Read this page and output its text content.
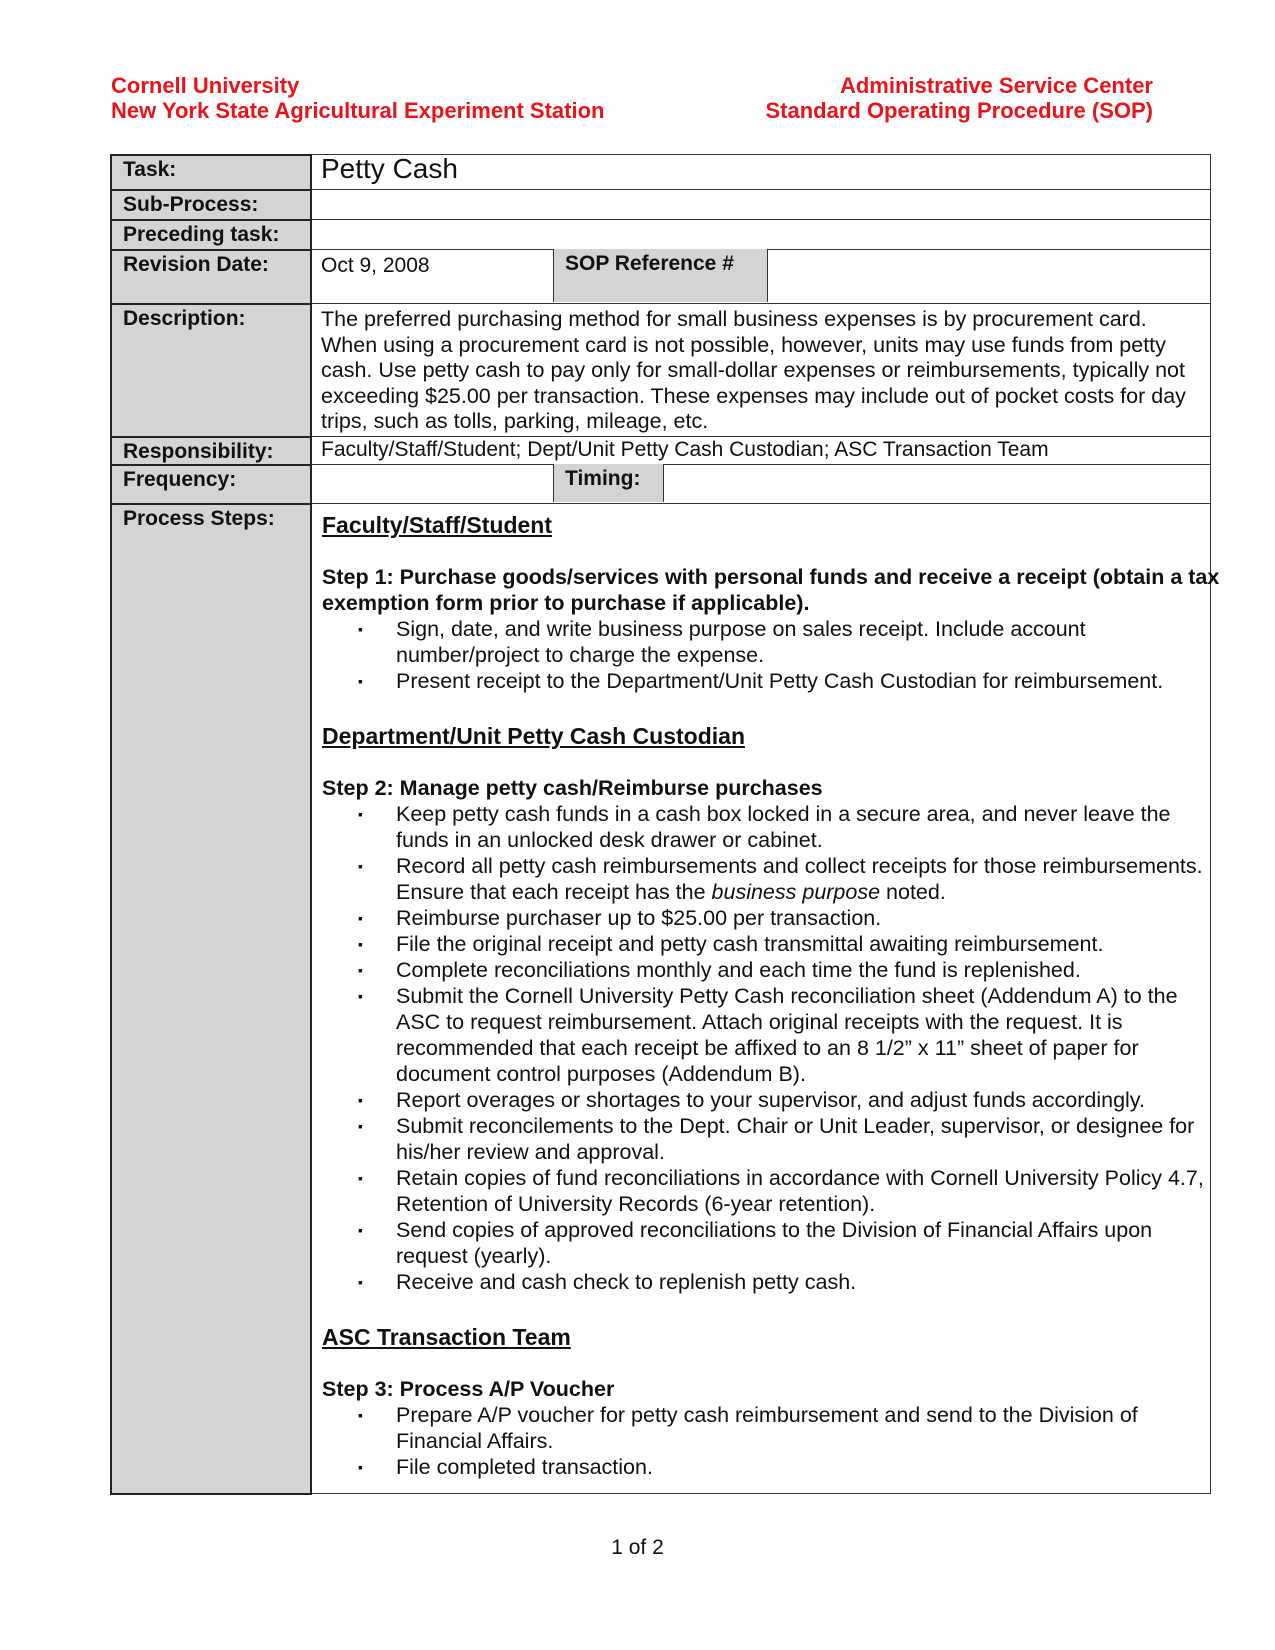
Cornell University
New York State Agricultural Experiment Station
Administrative Service Center
Standard Operating Procedure (SOP)
SOP Reference #
Timing:
Task:
Sub-Process:
Preceding task:
Revision Date:
Description:
Responsibility:
Frequency:
Process Steps:
Petty Cash
Oct 9, 2008
The preferred purchasing method for small business expenses is by procurement card. When using a procurement card is not possible, however, units may use funds from petty cash. Use petty cash to pay only for small-dollar expenses or reimbursements, typically not exceeding $25.00 per transaction. These expenses may include out of pocket costs for day trips, such as tolls, parking, mileage, etc.
Faculty/Staff/Student; Dept/Unit Petty Cash Custodian; ASC Transaction Team
Faculty/Staff/Student

Step 1: Purchase goods/services with personal funds and receive a receipt (obtain a tax exemption form prior to purchase if applicable).

▪ Sign, date, and write business purpose on sales receipt. Include account number/project to charge the expense.
▪ Present receipt to the Department/Unit Petty Cash Custodian for reimbursement.
Department/Unit Petty Cash Custodian

Step 2: Manage petty cash/Reimburse purchases

▪ Keep petty cash funds in a cash box locked in a secure area, and never leave the funds in an unlocked desk drawer or cabinet.
▪ Record all petty cash reimbursements and collect receipts for those reimbursements. Ensure that each receipt has the business purpose noted.
▪ Reimburse purchaser up to $25.00 per transaction.
▪ File the original receipt and petty cash transmittal awaiting reimbursement.
▪ Complete reconciliations monthly and each time the fund is replenished.
▪ Submit the Cornell University Petty Cash reconciliation sheet (Addendum A) to the ASC to request reimbursement. Attach original receipts with the request. It is recommended that each receipt be affixed to an 8 1/2” x 11” sheet of paper for document control purposes (Addendum B).
▪ Report overages or shortages to your supervisor, and adjust funds accordingly.
▪ Submit reconcilements to the Dept. Chair or Unit Leader, supervisor, or designee for his/her review and approval.
▪ Retain copies of fund reconciliations in accordance with Cornell University Policy 4.7, Retention of University Records (6-year retention).
▪ Send copies of approved reconciliations to the Division of Financial Affairs upon request (yearly).
▪ Receive and cash check to replenish petty cash.
ASC Transaction Team

Step 3: Process A/P Voucher

▪ Prepare A/P voucher for petty cash reimbursement and send to the Division of Financial Affairs.
▪ File completed transaction.
1 of 2
